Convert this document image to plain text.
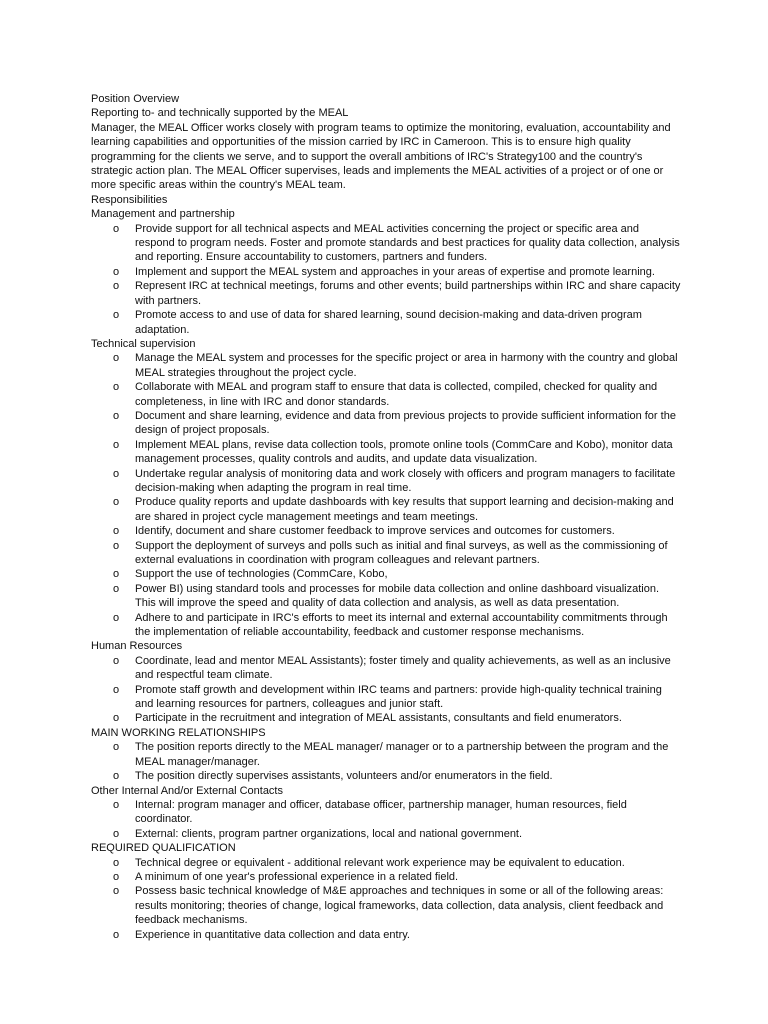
Position Overview
Reporting to- and technically supported by the MEAL
Manager, the MEAL Officer works closely with program teams to optimize the monitoring, evaluation, accountability and learning capabilities and opportunities of the mission carried by IRC in Cameroon. This is to ensure high quality programming for the clients we serve, and to support the overall ambitions of IRC's Strategy100 and the country's strategic action plan. The MEAL Officer supervises, leads and implements the MEAL activities of a project or of one or more specific areas within the country's MEAL team.
Responsibilities
Management and partnership
o Provide support for all technical aspects and MEAL activities concerning the project or specific area and respond to program needs. Foster and promote standards and best practices for quality data collection, analysis and reporting. Ensure accountability to customers, partners and funders.
o Implement and support the MEAL system and approaches in your areas of expertise and promote learning.
o Represent IRC at technical meetings, forums and other events; build partnerships within IRC and share capacity with partners.
o Promote access to and use of data for shared learning, sound decision-making and data-driven program adaptation.
Technical supervision
o Manage the MEAL system and processes for the specific project or area in harmony with the country and global MEAL strategies throughout the project cycle.
o Collaborate with MEAL and program staff to ensure that data is collected, compiled, checked for quality and completeness, in line with IRC and donor standards.
o Document and share learning, evidence and data from previous projects to provide sufficient information for the design of project proposals.
o Implement MEAL plans, revise data collection tools, promote online tools (CommCare and Kobo), monitor data management processes, quality controls and audits, and update data visualization.
o Undertake regular analysis of monitoring data and work closely with officers and program managers to facilitate decision-making when adapting the program in real time.
o Produce quality reports and update dashboards with key results that support learning and decision-making and are shared in project cycle management meetings and team meetings.
o Identify, document and share customer feedback to improve services and outcomes for customers.
o Support the deployment of surveys and polls such as initial and final surveys, as well as the commissioning of external evaluations in coordination with program colleagues and relevant partners.
o Support the use of technologies (CommCare, Kobo,
o Power BI) using standard tools and processes for mobile data collection and online dashboard visualization. This will improve the speed and quality of data collection and analysis, as well as data presentation.
o Adhere to and participate in IRC's efforts to meet its internal and external accountability commitments through the implementation of reliable accountability, feedback and customer response mechanisms.
Human Resources
o Coordinate, lead and mentor MEAL Assistants); foster timely and quality achievements, as well as an inclusive and respectful team climate.
o Promote staff growth and development within IRC teams and partners: provide high-quality technical training and learning resources for partners, colleagues and junior staft.
o Participate in the recruitment and integration of MEAL assistants, consultants and field enumerators.
MAIN WORKING RELATIONSHIPS
o The position reports directly to the MEAL manager/ manager or to a partnership between the program and the MEAL manager/manager.
o The position directly supervises assistants, volunteers and/or enumerators in the field.
Other Internal And/or External Contacts
o Internal: program manager and officer, database officer, partnership manager, human resources, field coordinator.
o External: clients, program partner organizations, local and national government.
REQUIRED QUALIFICATION
o Technical degree or equivalent - additional relevant work experience may be equivalent to education.
o A minimum of one year's professional experience in a related field.
o Possess basic technical knowledge of M&E approaches and techniques in some or all of the following areas: results monitoring; theories of change, logical frameworks, data collection, data analysis, client feedback and feedback mechanisms.
o Experience in quantitative data collection and data entry.
